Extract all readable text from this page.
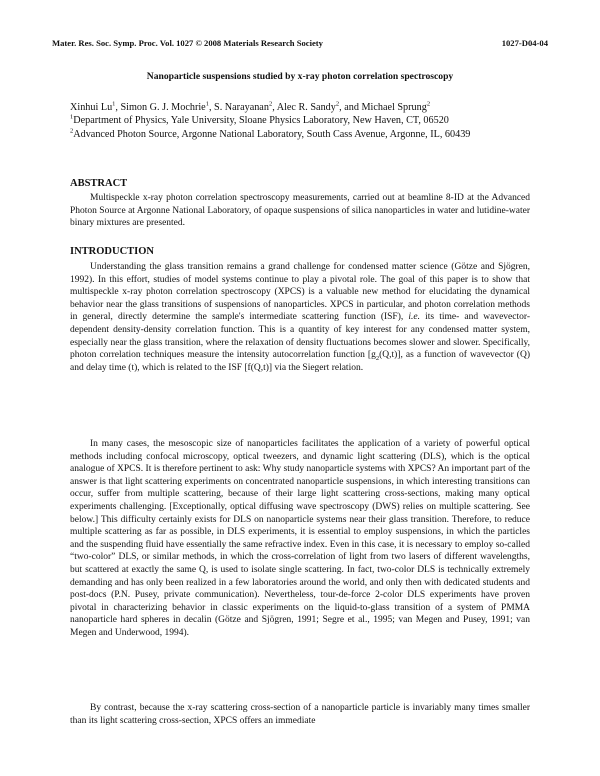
Mater. Res. Soc. Symp. Proc. Vol. 1027 © 2008 Materials Research Society	1027-D04-04
Nanoparticle suspensions studied by x-ray photon correlation spectroscopy
Xinhui Lu$^1$, Simon G. J. Mochrie$^1$, S. Narayanan$^2$, Alec R. Sandy$^2$, and Michael Sprung$^2$
$^1$Department of Physics, Yale University, Sloane Physics Laboratory, New Haven, CT, 06520
$^2$Advanced Photon Source, Argonne National Laboratory, South Cass Avenue, Argonne, IL, 60439
ABSTRACT

Multispeckle x-ray photon correlation spectroscopy measurements, carried out at beamline 8-ID at the Advanced Photon Source at Argonne National Laboratory, of opaque suspensions of silica nanoparticles in water and lutidine-water binary mixtures are presented.

INTRODUCTION

Understanding the glass transition remains a grand challenge for condensed matter science (Götze and Sjögren, 1992). In this effort, studies of model systems continue to play a pivotal role. The goal of this paper is to show that multispeckle x-ray photon correlation spectroscopy (XPCS) is a valuable new method for elucidating the dynamical behavior near the glass transitions of suspensions of nanoparticles. XPCS in particular, and photon correlation methods in general, directly determine the sample's intermediate scattering function (ISF), i.e. its time- and wavevector-dependent density-density correlation function. This is a quantity of key interest for any condensed matter system, especially near the glass transition, where the relaxation of density fluctuations becomes slower and slower. Specifically, photon correlation techniques measure the intensity autocorrelation function $[g_2(Q,t)]$, as a function of wavevector (Q) and delay time (t), which is related to the ISF [f(Q,t)] via the Siegert relation.

In many cases, the mesoscopic size of nanoparticles facilitates the application of a variety of powerful optical methods including confocal microscopy, optical tweezers, and dynamic light scattering (DLS), which is the optical analogue of XPCS. It is therefore pertinent to ask: Why study nanoparticle systems with XPCS? An important part of the answer is that light scattering experiments on concentrated nanoparticle suspensions, in which interesting transitions can occur, suffer from multiple scattering, because of their large light scattering cross-sections, making many optical experiments challenging. [Exceptionally, optical diffusing wave spectroscopy (DWS) relies on multiple scattering. See below.] This difficulty certainly exists for DLS on nanoparticle systems near their glass transition. Therefore, to reduce multiple scattering as far as possible, in DLS experiments, it is essential to employ suspensions, in which the particles and the suspending fluid have essentially the same refractive index. Even in this case, it is necessary to employ so-called “two-color” DLS, or similar methods, in which the cross-correlation of light from two lasers of different wavelengths, but scattered at exactly the same Q, is used to isolate single scattering. In fact, two-color DLS is technically extremely demanding and has only been realized in a few laboratories around the world, and only then with dedicated students and post-docs (P.N. Pusey, private communication). Nevertheless, tour-de-force 2-color DLS experiments have proven pivotal in characterizing behavior in classic experiments on the liquid-to-glass transition of a system of PMMA nanoparticle hard spheres in decalin (Götze and Sjögren, 1991; Segre et al., 1995; van Megen and Pusey, 1991; van Megen and Underwood, 1994).

By contrast, because the x-ray scattering cross-section of a nanoparticle particle is invariably many times smaller than its light scattering cross-section, XPCS offers an immediate
